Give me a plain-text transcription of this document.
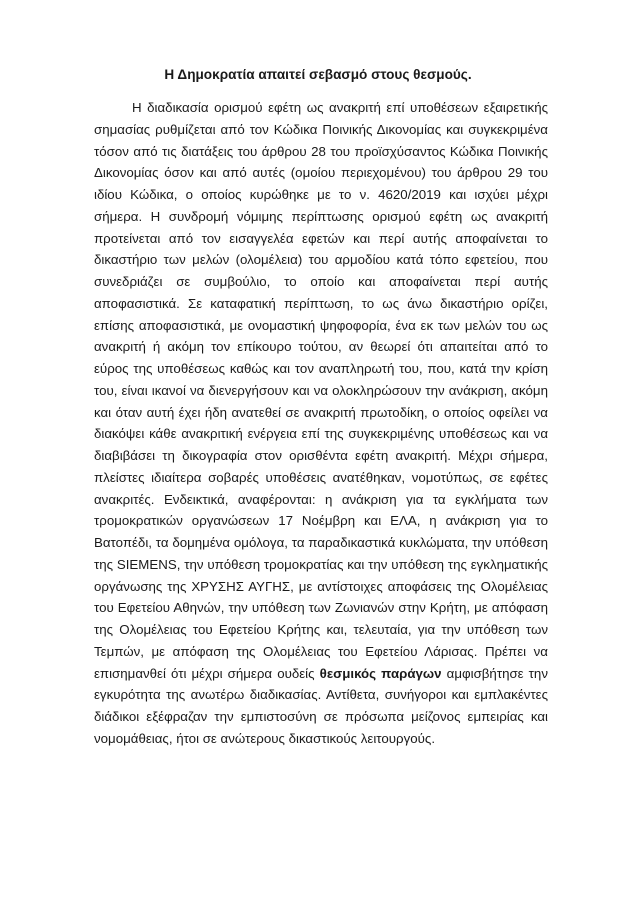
Η Δημοκρατία απαιτεί σεβασμό στους θεσμούς.

Η διαδικασία ορισμού εφέτη ως ανακριτή επί υποθέσεων εξαιρετικής σημασίας ρυθμίζεται από τον Κώδικα Ποινικής Δικονομίας και συγκεκριμένα τόσον από τις διατάξεις του άρθρου 28 του προϊσχύσαντος Κώδικα Ποινικής Δικονομίας όσον και από αυτές (ομοίου περιεχομένου) του άρθρου 29 του ιδίου Κώδικα, ο οποίος κυρώθηκε με το ν. 4620/2019 και ισχύει μέχρι σήμερα. Η συνδρομή νόμιμης περίπτωσης ορισμού εφέτη ως ανακριτή προτείνεται από τον εισαγγελέα εφετών και περί αυτής αποφαίνεται το δικαστήριο των μελών (ολομέλεια) του αρμοδίου κατά τόπο εφετείου, που συνεδριάζει σε συμβούλιο, το οποίο και αποφαίνεται περί αυτής αποφασιστικά. Σε καταφατική περίπτωση, το ως άνω δικαστήριο ορίζει, επίσης αποφασιστικά, με ονομαστική ψηφοφορία, ένα εκ των μελών του ως ανακριτή ή ακόμη τον επίκουρο τούτου, αν θεωρεί ότι απαιτείται από το εύρος της υποθέσεως καθώς και τον αναπληρωτή του, που, κατά την κρίση του, είναι ικανοί να διενεργήσουν και να ολοκληρώσουν την ανάκριση, ακόμη και όταν αυτή έχει ήδη ανατεθεί σε ανακριτή πρωτοδίκη, ο οποίος οφείλει να διακόψει κάθε ανακριτική ενέργεια επί της συγκεκριμένης υποθέσεως και να διαβιβάσει τη δικογραφία στον ορισθέντα εφέτη ανακριτή. Μέχρι σήμερα, πλείστες ιδιαίτερα σοβαρές υποθέσεις ανατέθηκαν, νομοτύπως, σε εφέτες ανακριτές. Ενδεικτικά, αναφέρονται: η ανάκριση για τα εγκλήματα των τρομοκρατικών οργανώσεων 17 Νοέμβρη και ΕΛΑ, η ανάκριση για το Βατοπέδι, τα δομημένα ομόλογα, τα παραδικαστικά κυκλώματα, την υπόθεση της SIEMENS, την υπόθεση τρομοκρατίας και την υπόθεση της εγκληματικής οργάνωσης της ΧΡΥΣΗΣ ΑΥΓΗΣ, με αντίστοιχες αποφάσεις της Ολομέλειας του Εφετείου Αθηνών, την υπόθεση των Ζωνιανών στην Κρήτη, με απόφαση της Ολομέλειας του Εφετείου Κρήτης και, τελευταία, για την υπόθεση των Τεμπών, με απόφαση της Ολομέλειας του Εφετείου Λάρισας. Πρέπει να επισημανθεί ότι μέχρι σήμερα ουδείς θεσμικός παράγων αμφισβήτησε την εγκυρότητα της ανωτέρω διαδικασίας. Αντίθετα, συνήγοροι και εμπλακέντες διάδικοι εξέφραζαν την εμπιστοσύνη σε πρόσωπα μείζονος εμπειρίας και νομομάθειας, ήτοι σε ανώτερους δικαστικούς λειτουργούς.
